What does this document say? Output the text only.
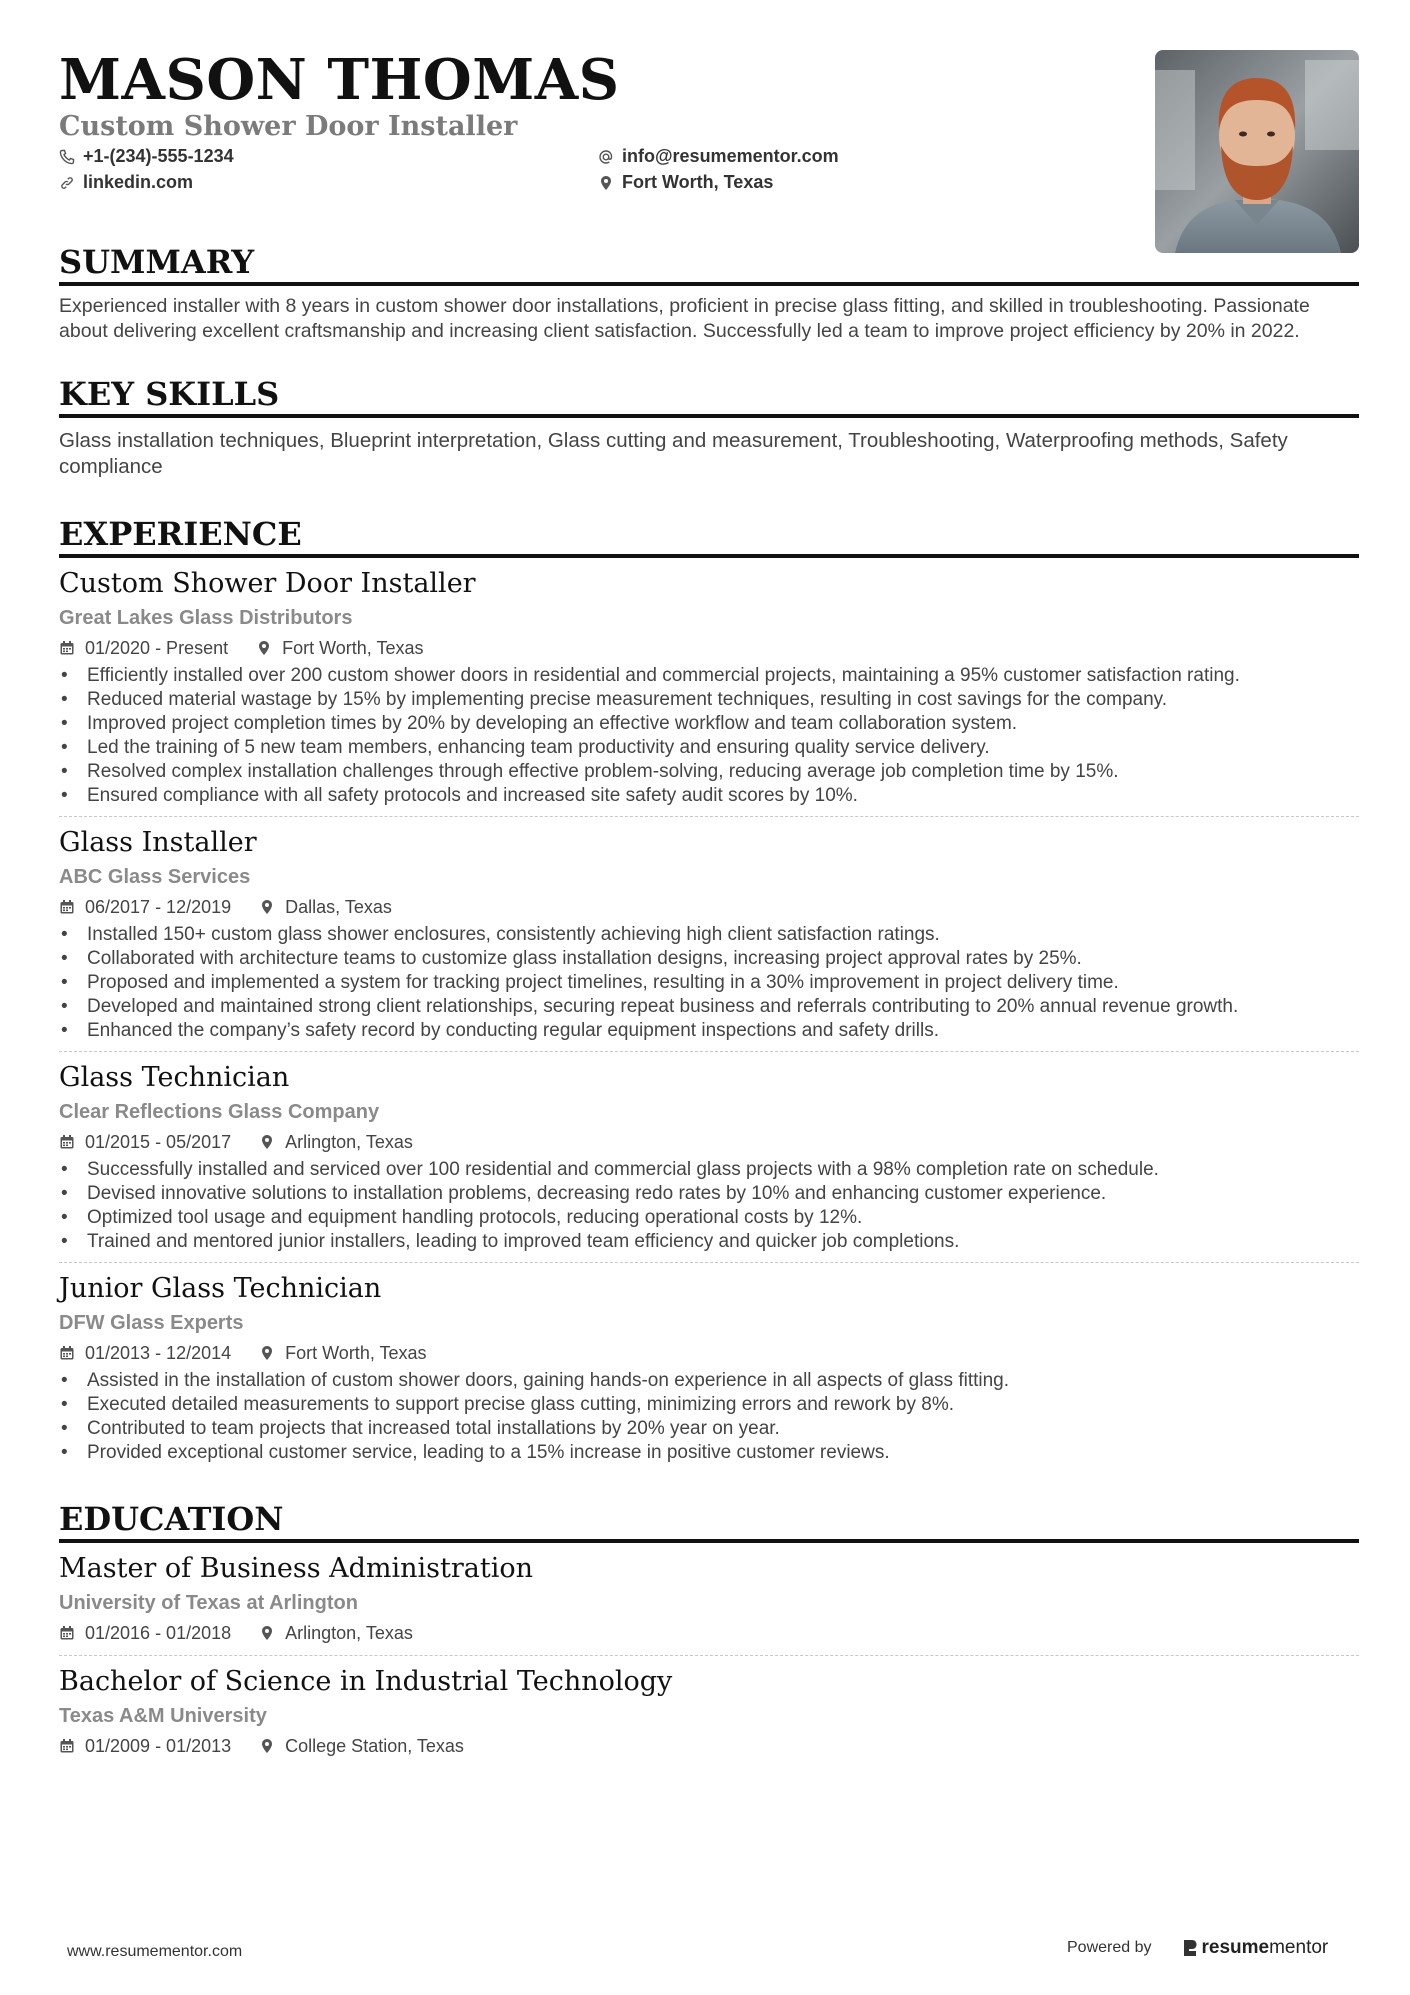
MASON THOMAS
Custom Shower Door Installer
+1-(234)-555-1234	info@resumementor.com
linkedin.com	Fort Worth, Texas
SUMMARY
Experienced installer with 8 years in custom shower door installations, proficient in precise glass fitting, and skilled in troubleshooting. Passionate about delivering excellent craftsmanship and increasing client satisfaction. Successfully led a team to improve project efficiency by 20% in 2022.
KEY SKILLS
Glass installation techniques, Blueprint interpretation, Glass cutting and measurement, Troubleshooting, Waterproofing methods, Safety compliance
EXPERIENCE
Custom Shower Door Installer
Great Lakes Glass Distributors
01/2020 - Present	Fort Worth, Texas
• Efficiently installed over 200 custom shower doors in residential and commercial projects, maintaining a 95% customer satisfaction rating.
• Reduced material wastage by 15% by implementing precise measurement techniques, resulting in cost savings for the company.
• Improved project completion times by 20% by developing an effective workflow and team collaboration system.
• Led the training of 5 new team members, enhancing team productivity and ensuring quality service delivery.
• Resolved complex installation challenges through effective problem-solving, reducing average job completion time by 15%.
• Ensured compliance with all safety protocols and increased site safety audit scores by 10%.
Glass Installer
ABC Glass Services
06/2017 - 12/2019	Dallas, Texas
• Installed 150+ custom glass shower enclosures, consistently achieving high client satisfaction ratings.
• Collaborated with architecture teams to customize glass installation designs, increasing project approval rates by 25%.
• Proposed and implemented a system for tracking project timelines, resulting in a 30% improvement in project delivery time.
• Developed and maintained strong client relationships, securing repeat business and referrals contributing to 20% annual revenue growth.
• Enhanced the company’s safety record by conducting regular equipment inspections and safety drills.
Glass Technician
Clear Reflections Glass Company
01/2015 - 05/2017	Arlington, Texas
• Successfully installed and serviced over 100 residential and commercial glass projects with a 98% completion rate on schedule.
• Devised innovative solutions to installation problems, decreasing redo rates by 10% and enhancing customer experience.
• Optimized tool usage and equipment handling protocols, reducing operational costs by 12%.
• Trained and mentored junior installers, leading to improved team efficiency and quicker job completions.
Junior Glass Technician
DFW Glass Experts
01/2013 - 12/2014	Fort Worth, Texas
• Assisted in the installation of custom shower doors, gaining hands-on experience in all aspects of glass fitting.
• Executed detailed measurements to support precise glass cutting, minimizing errors and rework by 8%.
• Contributed to team projects that increased total installations by 20% year on year.
• Provided exceptional customer service, leading to a 15% increase in positive customer reviews.
EDUCATION
Master of Business Administration
University of Texas at Arlington
01/2016 - 01/2018	Arlington, Texas
Bachelor of Science in Industrial Technology
Texas A&M University
01/2009 - 01/2013	College Station, Texas
www.resumementor.com	Powered by	resume mentor
